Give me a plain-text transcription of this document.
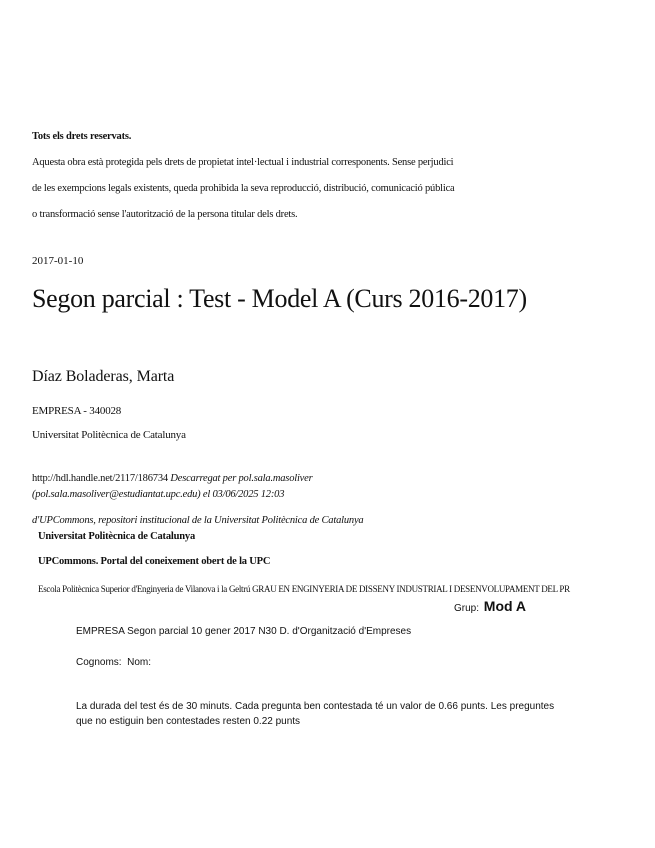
Tots els drets reservats.
Aquesta obra està protegida pels drets de propietat intel·lectual i industrial corresponents. Sense perjudici
de les exempcions legals existents, queda prohibida la seva reproducció, distribució, comunicació pública
o transformació sense l'autorització de la persona titular dels drets.
2017-01-10
Segon parcial : Test - Model A (Curs 2016-2017)
Díaz Boladeras, Marta
EMPRESA - 340028
Universitat Politècnica de Catalunya
http://hdl.handle.net/2117/186734 Descarregat per pol.sala.masoliver
(pol.sala.masoliver@estudiantat.upc.edu) el 03/06/2025 12:03
d'UPCommons, repositori institucional de la Universitat Politècnica de Catalunya
Universitat Politècnica de Catalunya
UPCommons. Portal del coneixement obert de la UPC
Escola Politècnica Superior d'Enginyeria de Vilanova i la Geltrú GRAU EN ENGINYERIA DE DISSENY INDUSTRIAL I DESENVOLUPAMENT DEL PR
Grup: Mod A
EMPRESA Segon parcial 10 gener 2017 N30 D. d'Organització d'Empreses
Cognoms:  Nom:
La durada del test és de 30 minuts. Cada pregunta ben contestada té un valor de 0.66 punts. Les preguntes
que no estiguin ben contestades resten 0.22 punts
